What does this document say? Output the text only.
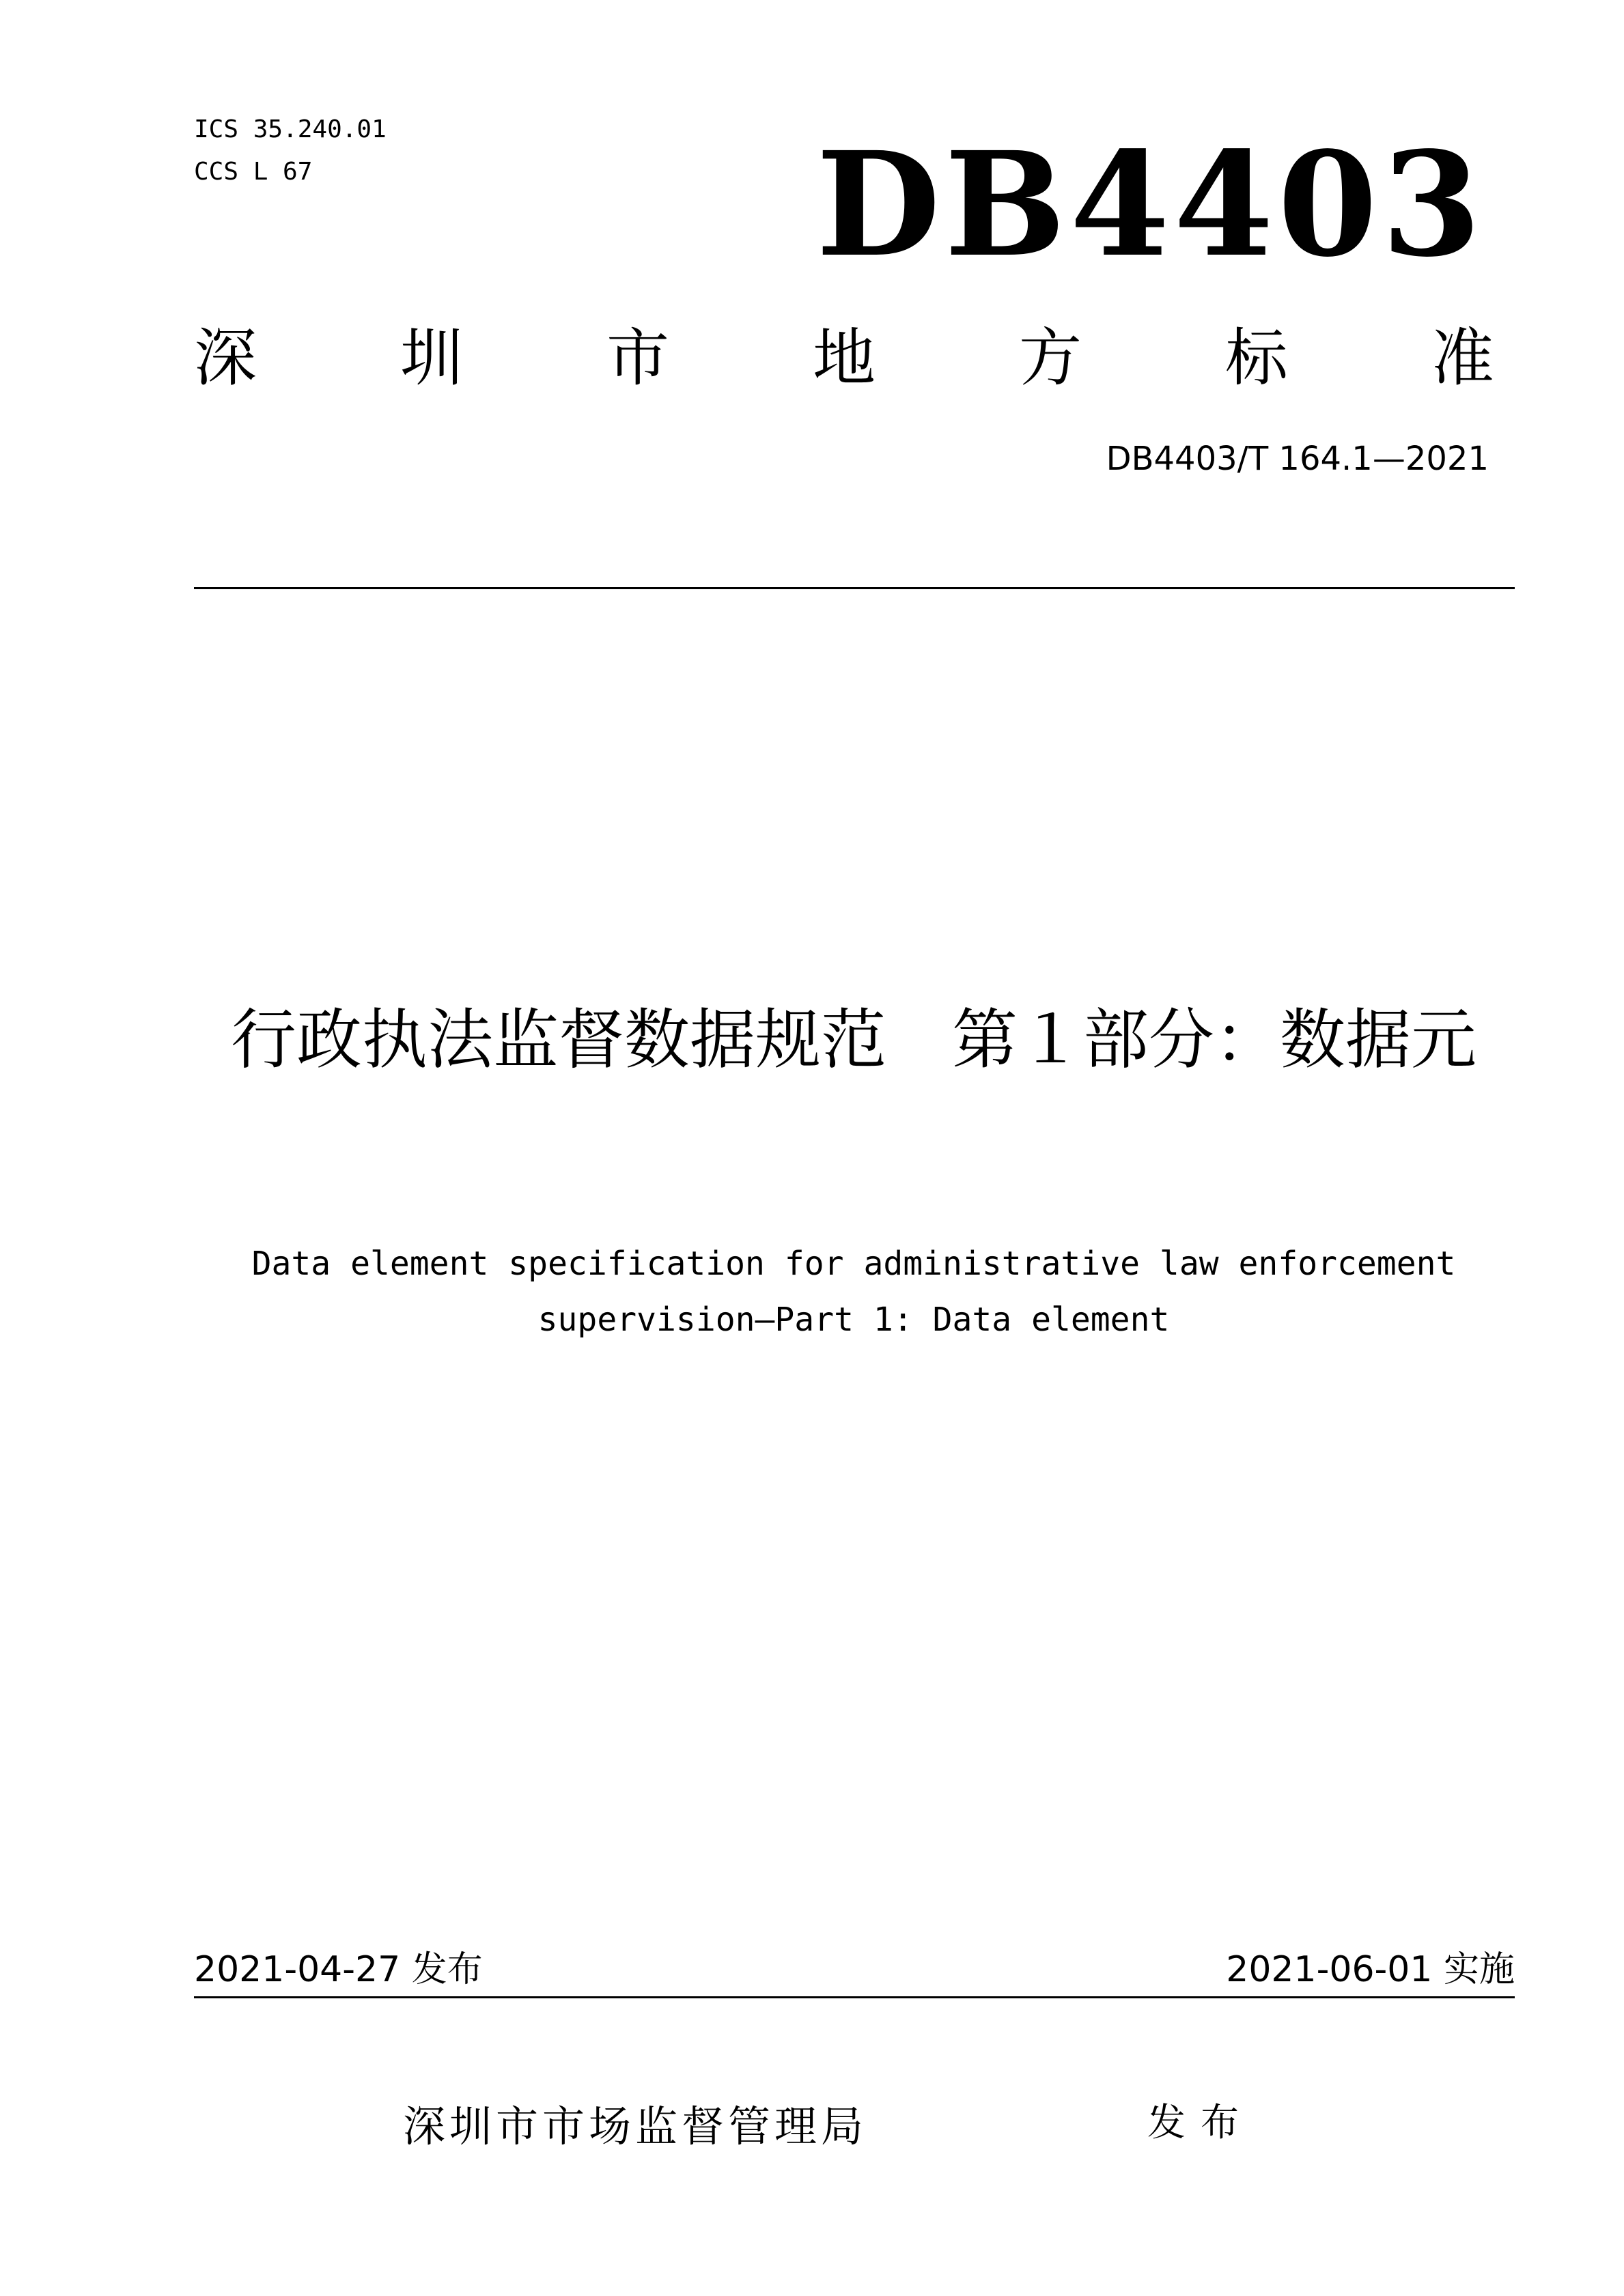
ICS 35.240.01
CCS L 67	DB4403
深 圳 市 地 方 标 准
DB4403/T 164.1—2021
行政执法监督数据规范　第１部分：数据元
Data element specification for administrative law enforcement supervision—Part 1: Data element
2021-04-27 发布	2021-06-01 实施
深圳市市场监督管理局	发布
